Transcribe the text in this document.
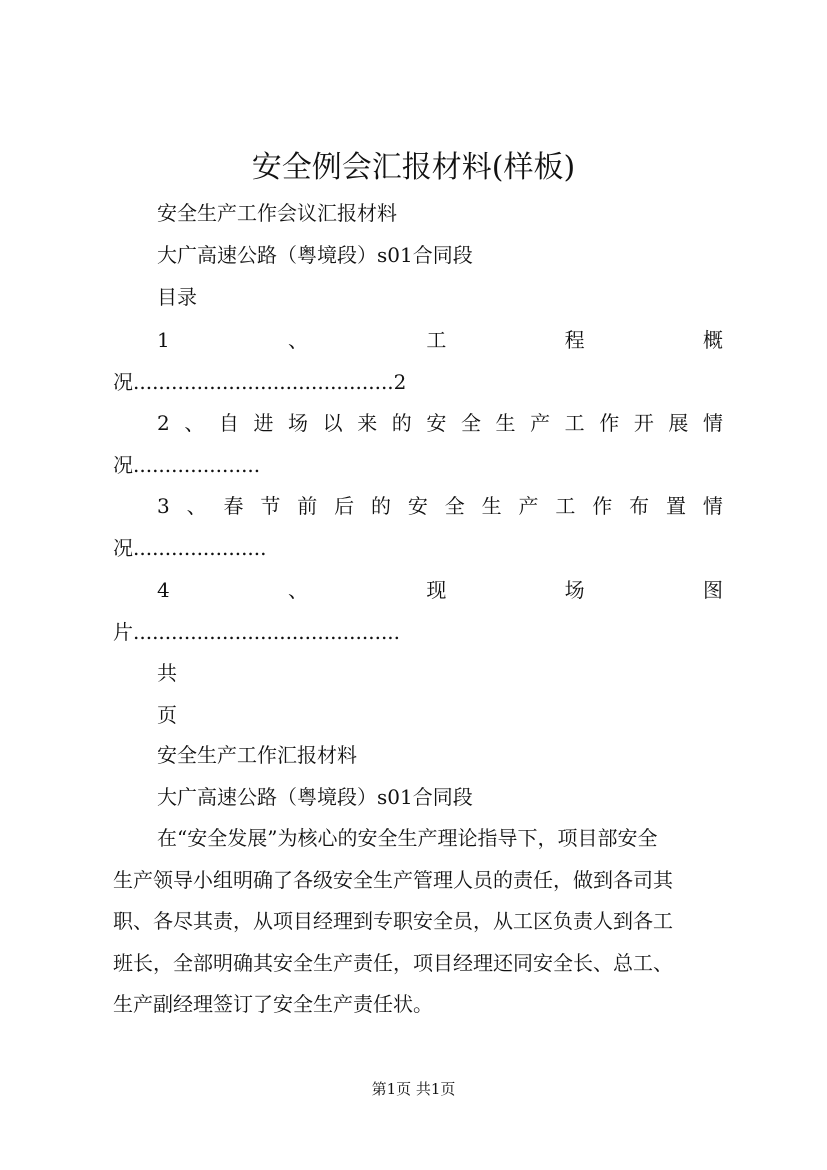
安全例会汇报材料(样板)
安全生产工作会议汇报材料
大广高速公路（粤境段）s01合同段
目录
1	、	工	程	概
况.........................................2
2 、 自 进 场 以 来 的 安 全 生 产 工 作 开 展 情
况....................
3 、 春 节 前 后 的 安 全 生 产 工 作 布 置 情
况.....................
4	、	现	场	图
片..........................................
共
页
安全生产工作汇报材料
大广高速公路（粤境段）s01合同段
在“安全发展”为核心的安全生产理论指导下，项目部安全
生产领导小组明确了各级安全生产管理人员的责任，做到各司其
职、各尽其责，从项目经理到专职安全员，从工区负责人到各工
班长，全部明确其安全生产责任，项目经理还同安全长、总工、
生产副经理签订了安全生产责任状。
第1页 共1页
